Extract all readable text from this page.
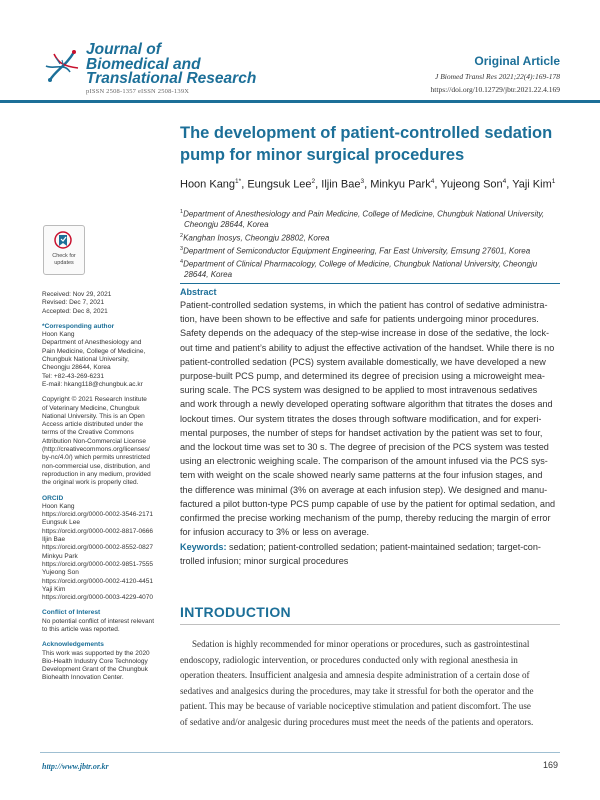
Journal of
Biomedical and
Translational Research
pISSN 2508-1357 eISSN 2508-139X
Original Article
J Biomed Transl Res 2021;22(4):169-178
https://doi.org/10.12729/jbtr.2021.22.4.169
The development of patient-controlled sedation pump for minor surgical procedures
Hoon Kang$^{1*}$, Eungsuk Lee$^2$, Iljin Bae$^3$, Minkyu Park$^4$, Yujeong Son$^4$, Yaji Kim$^1$
$^1$Department of Anesthesiology and Pain Medicine, College of Medicine, Chungbuk National University,
Cheongju 28644, Korea
$^2$Kanghan Inosys, Cheongju 28802, Korea
$^3$Department of Semiconductor Equipment Engineering, Far East University, Emsung 27601, Korea
$^4$Department of Clinical Pharmacology, College of Medicine, Chungbuk National University, Cheongju
28644, Korea
Check for
updates
Received: Nov 29, 2021
Revised: Dec 7, 2021
Accepted: Dec 8, 2021
*Corresponding author
Hoon Kang
Department of Anesthesiology and
Pain Medicine, College of Medicine,
Chungbuk National University,
Cheongju 28644, Korea
Tel: +82-43-269-6231
E-mail: hkang118@chungbuk.ac.kr
Copyright © 2021 Research Institute
of Veterinary Medicine, Chungbuk
National University. This is an Open
Access article distributed under the
terms of the Creative Commons
Attribution Non-Commercial License
(http://creativecommons.org/licenses/
by-nc/4.0/) which permits unrestricted
non-commercial use, distribution, and
reproduction in any medium, provided
the original work is properly cited.
ORCID
Hoon Kang
https://orcid.org/0000-0002-3546-2171
Eungsuk Lee
https://orcid.org/0000-0002-8817-0666
Iljin Bae
https://orcid.org/0000-0002-8552-0827
Minkyu Park
https://orcid.org/0000-0002-9851-7555
Yujeong Son
https://orcid.org/0000-0002-4120-4451
Yaji Kim
https://orcid.org/0000-0003-4229-4070
Conflict of Interest
No potential conflict of interest relevant
to this article was reported.
Acknowledgements
This work was supported by the 2020
Bio-Health Industry Core Technology
Development Grant of the Chungbuk
Biohealth Innovation Center.
Abstract
Patient-controlled sedation systems, in which the patient has control of sedative administra-
tion, have been shown to be effective and safe for patients undergoing minor procedures.
Safety depends on the adequacy of the step-wise increase in dose of the sedative, the lock-
out time and patient’s ability to adjust the effective activation of the handset. While there is no
patient-controlled sedation (PCS) system available domestically, we have developed a new
purpose-built PCS pump, and determined its degree of precision using a microweight mea-
suring scale. The PCS system was designed to be applied to most intravenous sedatives
and work through a newly developed operating software algorithm that titrates the doses and
lockout times. Our system titrates the doses through software modification, and for experi-
mental purposes, the number of steps for handset activation by the patient was set to four,
and the lockout time was set to 30 s. The degree of precision of the PCS system was tested
using an electronic weighing scale. The comparison of the amount infused via the PCS sys-
tem with weight on the scale showed nearly same patterns at the four infusion stages, and
the difference was minimal (3% on average at each infusion step). We designed and manu-
factured a pilot button-type PCS pump capable of use by the patient for optimal sedation, and
confirmed the precise working mechanism of the pump, thereby reducing the margin of error
for infusion accuracy to 3% or less on average.
Keywords: sedation; patient-controlled sedation; patient-maintained sedation; target-con-
trolled infusion; minor surgical procedures
INTRODUCTION
Sedation is highly recommended for minor operations or procedures, such as gastrointestinal
endoscopy, radiologic intervention, or procedures conducted only with regional anesthesia in
operation theaters. Insufficient analgesia and amnesia despite administration of a certain dose of
sedatives and analgesics during the procedures, may take it stressful for both the operator and the
patient. This may be because of variable nociceptive stimulation and patient discomfort. The use
of sedative and/or analgesic during procedures must meet the needs of the patients and operators.
http://www.jbtr.or.kr	169
